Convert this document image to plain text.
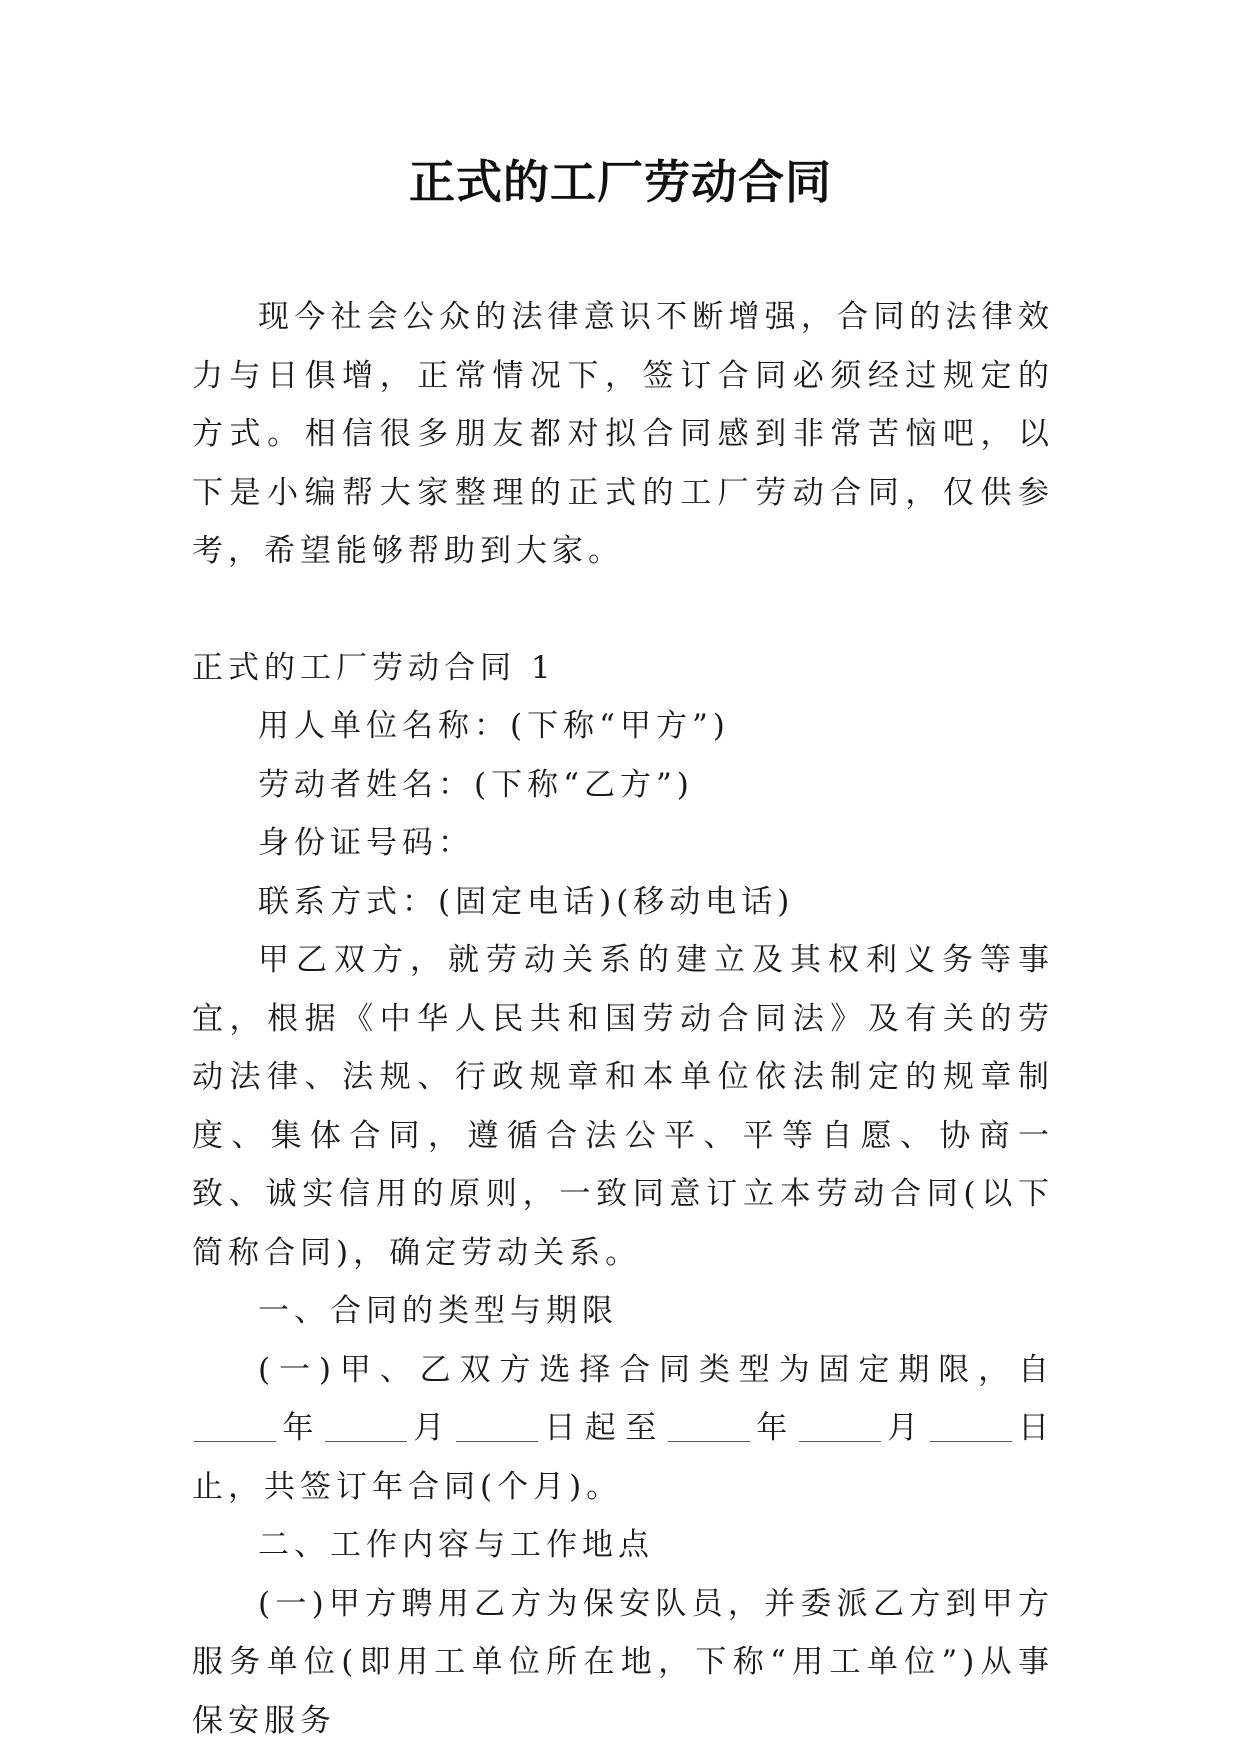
正式的工厂劳动合同

现今社会公众的法律意识不断增强，合同的法律效力与日俱增，正常情况下，签订合同必须经过规定的方式。相信很多朋友都对拟合同感到非常苦恼吧，以下是小编帮大家整理的正式的工厂劳动合同，仅供参考，希望能够帮助到大家。

正式的工厂劳动合同 1

用人单位名称：(下称“甲方”)

劳动者姓名：(下称“乙方”)

身份证号码：

联系方式：(固定电话)(移动电话)

甲乙双方，就劳动关系的建立及其权利义务等事宜，根据《中华人民共和国劳动合同法》及有关的劳动法律、法规、行政规章和本单位依法制定的规章制度、集体合同，遵循合法公平、平等自愿、协商一致、诚实信用的原则，一致同意订立本劳动合同(以下简称合同)，确定劳动关系。

一、合同的类型与期限

(一)甲、乙双方选择合同类型为固定期限，自年	月	日起至	年	月	日止，共签订年合同(个月)。

二、工作内容与工作地点

(一)甲方聘用乙方为保安队员，并委派乙方到甲方服务单位(即用工单位所在地，下称“用工单位”)从事保安服务
